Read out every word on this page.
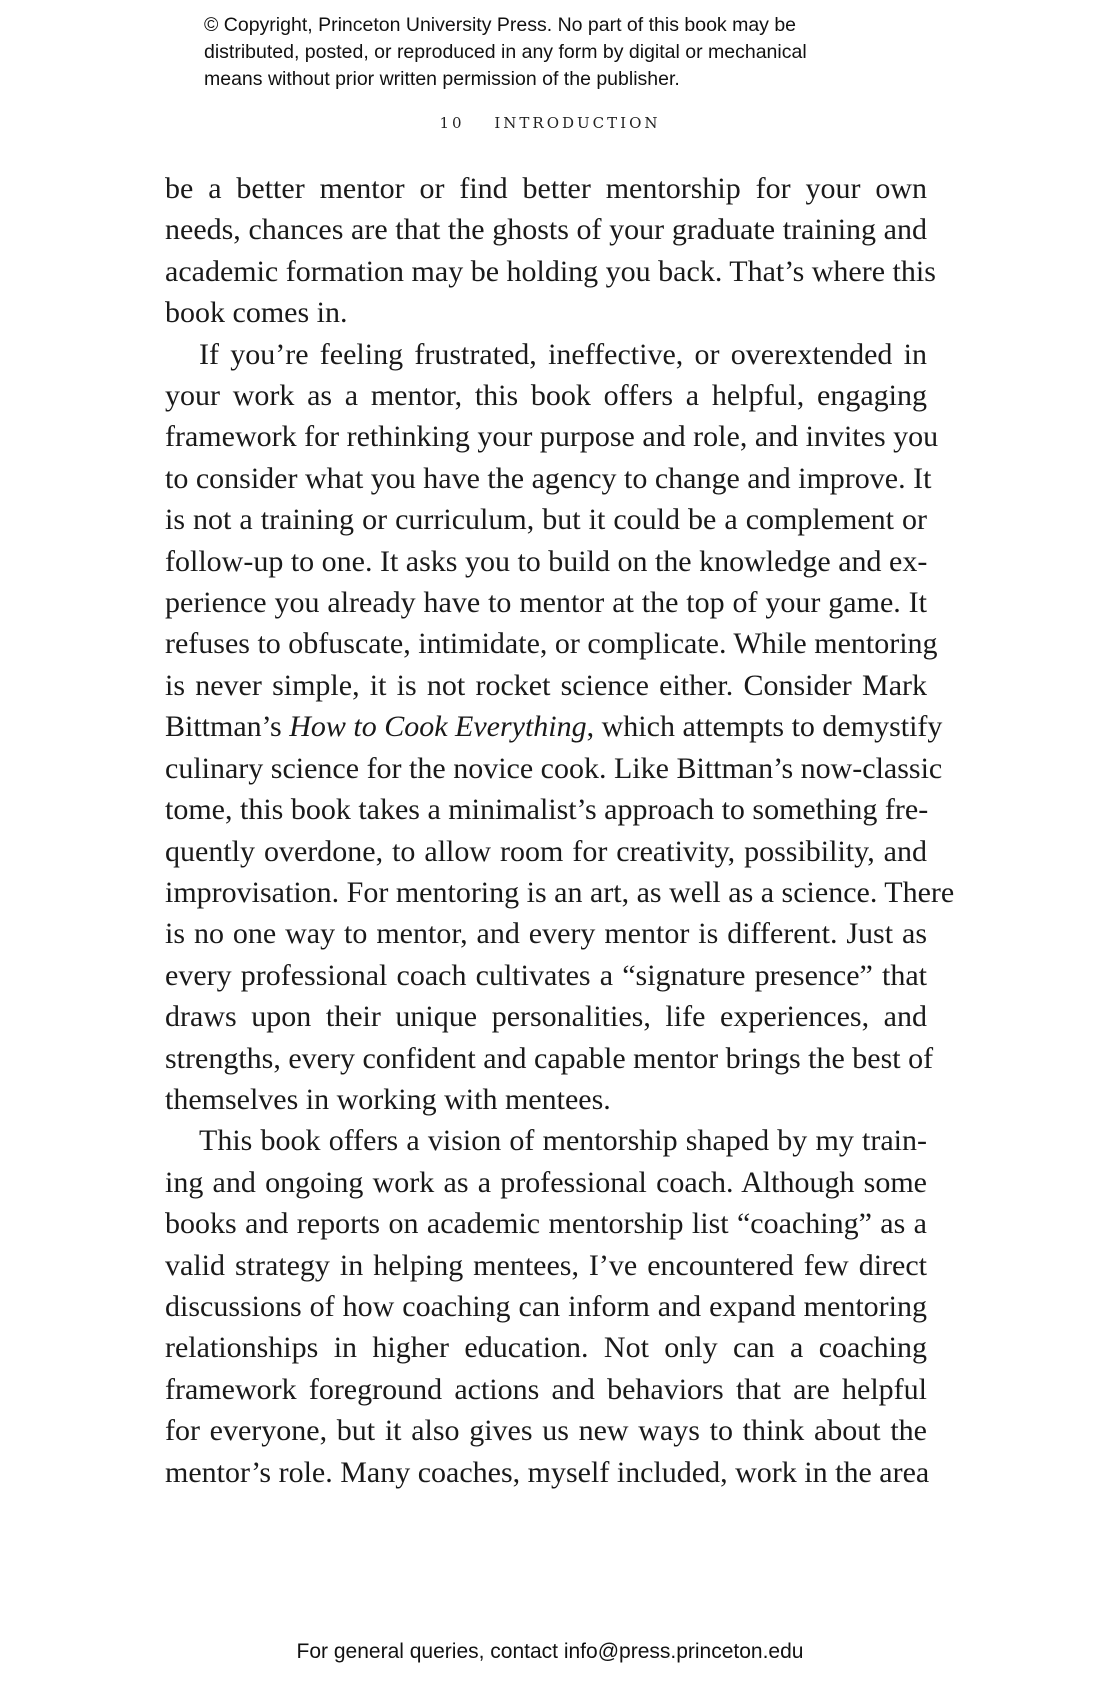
© Copyright, Princeton University Press. No part of this book may be
distributed, posted, or reproduced in any form by digital or mechanical
means without prior written permission of the publisher.
10 INTRODUCTION
be a better mentor or find better mentorship for your own
needs, chances are that the ghosts of your graduate training and
academic formation may be holding you back. That’s where this
book comes in.
If you’re feeling frustrated, ineffective, or overextended in
your work as a mentor, this book offers a helpful, engaging
framework for rethinking your purpose and role, and invites you
to consider what you have the agency to change and improve. It
is not a training or curriculum, but it could be a complement or
follow-up to one. It asks you to build on the knowledge and ex-
perience you already have to mentor at the top of your game. It
refuses to obfuscate, intimidate, or complicate. While mentoring
is never simple, it is not rocket science either. Consider Mark
Bittman’s How to Cook Everything, which attempts to demystify
culinary science for the novice cook. Like Bittman’s now-classic
tome, this book takes a minimalist’s approach to something fre-
quently overdone, to allow room for creativity, possibility, and
improvisation. For mentoring is an art, as well as a science. There
is no one way to mentor, and every mentor is different. Just as
every professional coach cultivates a “signature presence” that
draws upon their unique personalities, life experiences, and
strengths, every confident and capable mentor brings the best of
themselves in working with mentees.
This book offers a vision of mentorship shaped by my train-
ing and ongoing work as a professional coach. Although some
books and reports on academic mentorship list “coaching” as a
valid strategy in helping mentees, I’ve encountered few direct
discussions of how coaching can inform and expand mentoring
relationships in higher education. Not only can a coaching
framework foreground actions and behaviors that are helpful
for everyone, but it also gives us new ways to think about the
mentor’s role. Many coaches, myself included, work in the area
For general queries, contact info@press.princeton.edu
